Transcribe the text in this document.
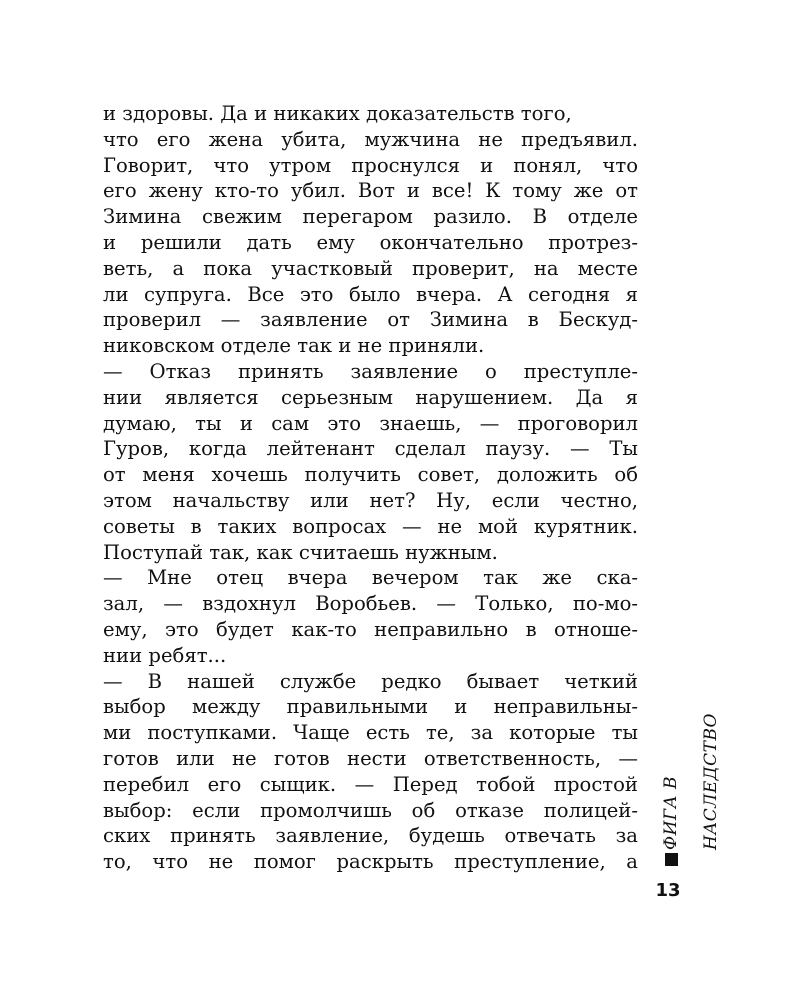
и здоровы. Да и никаких доказательств того,
что его жена убита, мужчина не предъявил.
Говорит, что утром проснулся и понял, что
его жену кто-то убил. Вот и все! К тому же от
Зимина свежим перегаром разило. В отделе
и решили дать ему окончательно протрез-
веть, а пока участковый проверит, на месте
ли супруга. Все это было вчера. А сегодня я
проверил — заявление от Зимина в Бескуд-
никовском отделе так и не приняли.
— Отказ принять заявление о преступле-
нии является серьезным нарушением. Да я
думаю, ты и сам это знаешь, — проговорил
Гуров, когда лейтенант сделал паузу. — Ты
от меня хочешь получить совет, доложить об
этом начальству или нет? Ну, если честно,
советы в таких вопросах — не мой курятник.
Поступай так, как считаешь нужным.
— Мне отец вчера вечером так же ска-
зал, — вздохнул Воробьев. — Только, по-мо-
ему, это будет как-то неправильно в отноше-
нии ребят...
— В нашей службе редко бывает четкий
выбор между правильными и неправильны-
ми поступками. Чаще есть те, за которые ты
готов или не готов нести ответственность, —
перебил его сыщик. — Перед тобой простой
выбор: если промолчишь об отказе полицей-
ских принять заявление, будешь отвечать за
то, что не помог раскрыть преступление, а
ФИГА В НАСЛЕДСТВО
13
